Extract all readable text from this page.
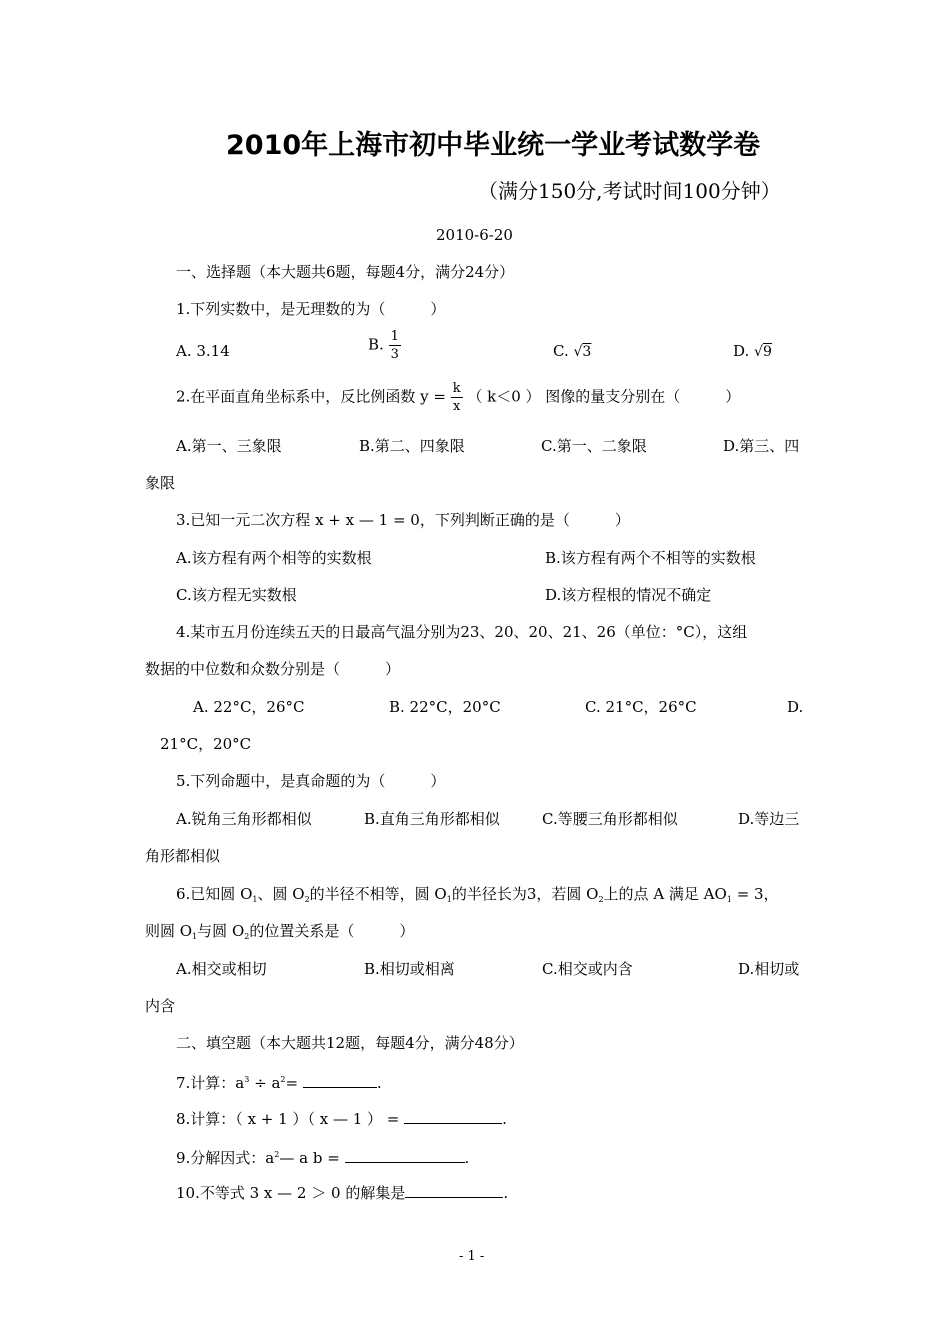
2010年上海市初中毕业统一学业考试数学卷
（满分150分,考试时间100分钟）
2010-6-20
一、选择题（本大题共6题，每题4分，满分24分）
1.下列实数中，是无理数的为（　　　）
A. 3.14	B. $\frac{1}{3}$	C. √3	D. √9
2.在平面直角坐标系中，反比例函数 $y = \frac{k}{x}$ （ k＜0 ） 图像的量支分别在（　　　）
A.第一、三象限	B.第二、四象限	C.第一、二象限	D.第三、四
象限
3.已知一元二次方程 x + x — 1 = 0，下列判断正确的是（　　　）
A.该方程有两个相等的实数根	B.该方程有两个不相等的实数根
C.该方程无实数根	D.该方程根的情况不确定
4.某市五月份连续五天的日最高气温分别为23、20、20、21、26（单位：°C），这组
数据的中位数和众数分别是（　　　）
A. 22°C，26°C	B. 22°C，20°C	C. 21°C，26°C	D.
21°C，20°C
5.下列命题中，是真命题的为（　　　）
A.锐角三角形都相似	B.直角三角形都相似	C.等腰三角形都相似	D.等边三
角形都相似
6.已知圆 $O_1$、圆 $O_2$的半径不相等，圆 $O_1$的半径长为3，若圆 $O_2$上的点 A 满足 $AO_1 = 3$，
则圆 $O_1$与圆 $O_2$的位置关系是（　　　）
A.相交或相切	B.相切或相离	C.相交或内含	D.相切或
内含
二、填空题（本大题共12题，每题4分，满分48分）
7.计算：$a^3 \div a^2=$	.
8.计算：（ x + 1 ）（ x — 1 ） =	.
9.分解因式：$a^2—$ a b =	.
10.不等式 3 x — 2 ＞ 0 的解集是	.
- 1 -
